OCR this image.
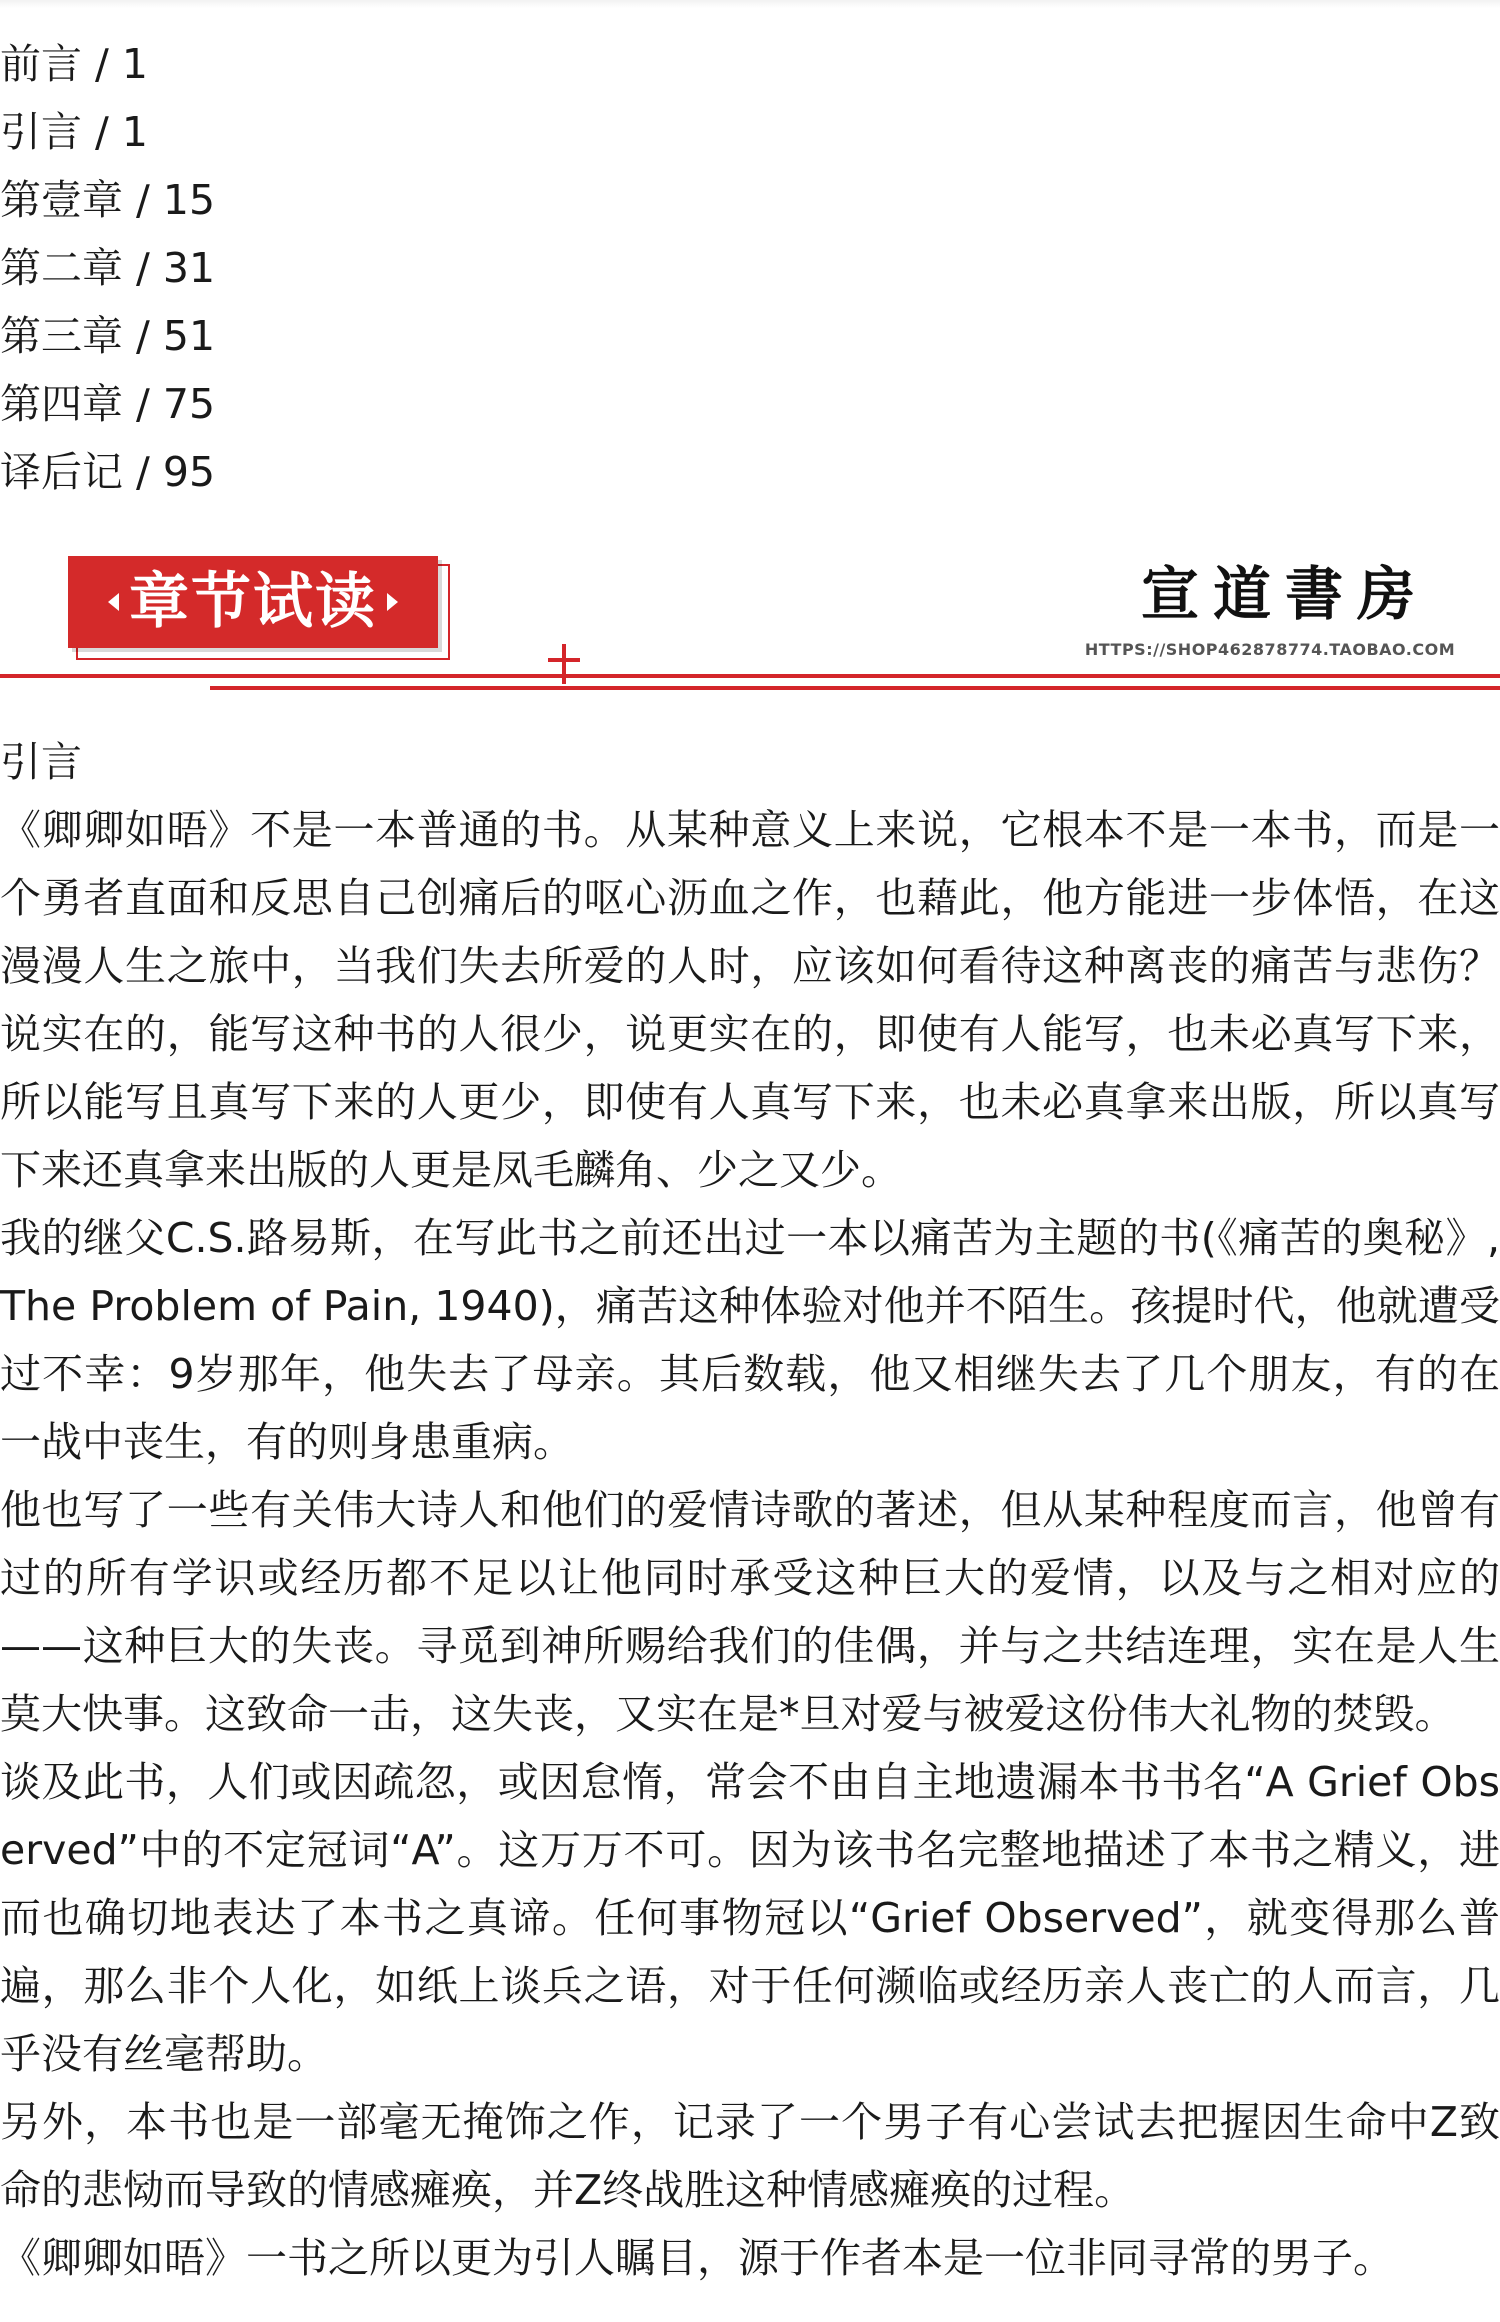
前言 / 1
引言 / 1
第壹章 / 15
第二章 / 31
第三章 / 51
第四章 / 75
译后记 / 95
章节试读	宣道書房
HTTPS://SHOP462878774.TAOBAO.COM
引言

《卿卿如晤》不是一本普通的书。从某种意义上来说，它根本不是一本书，而是一个勇者直面和反思自己创痛后的呕心沥血之作，也藉此，他方能进一步体悟，在这漫漫人生之旅中，当我们失去所爱的人时，应该如何看待这种离丧的痛苦与悲伤？说实在的，能写这种书的人很少，说更实在的，即使有人能写，也未必真写下来，所以能写且真写下来的人更少，即使有人真写下来，也未必真拿来出版，所以真写下来还真拿来出版的人更是凤毛麟角、少之又少。

我的继父C.S.路易斯，在写此书之前还出过一本以痛苦为主题的书(《痛苦的奥秘》, The Problem of Pain, 1940)，痛苦这种体验对他并不陌生。孩提时代，他就遭受过不幸：9岁那年，他失去了母亲。其后数载，他又相继失去了几个朋友，有的在一战中丧生，有的则身患重病。

他也写了一些有关伟大诗人和他们的爱情诗歌的著述，但从某种程度而言，他曾有过的所有学识或经历都不足以让他同时承受这种巨大的爱情，以及与之相对应的——这种巨大的失丧。寻觅到神所赐给我们的佳偶，并与之共结连理，实在是人生莫大快事。这致命一击，这失丧，又实在是*旦对爱与被爱这份伟大礼物的焚毁。

谈及此书，人们或因疏忽，或因怠惰，常会不由自主地遗漏本书书名“A Grief Observed”中的不定冠词“A”。这万万不可。因为该书名完整地描述了本书之精义，进而也确切地表达了本书之真谛。任何事物冠以“Grief Observed”，就变得那么普遍，那么非个人化，如纸上谈兵之语，对于任何濒临或经历亲人丧亡的人而言，几乎没有丝毫帮助。

另外，本书也是一部毫无掩饰之作，记录了一个男子有心尝试去把握因生命中Z致命的悲恸而导致的情感瘫痪，并Z终战胜这种情感瘫痪的过程。

《卿卿如晤》一书之所以更为引人瞩目，源于作者本是一位非同寻常的男子。
